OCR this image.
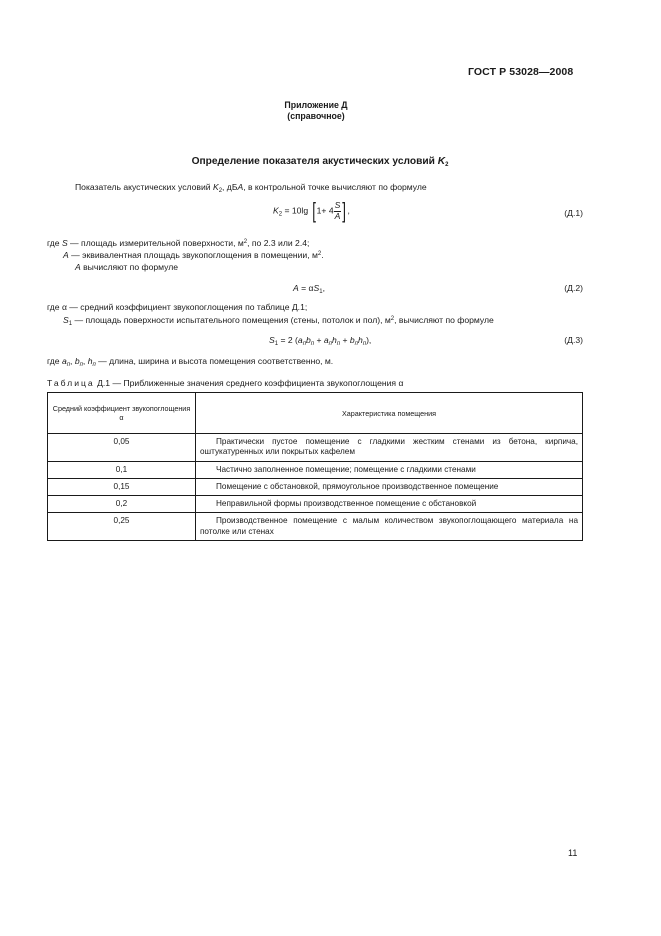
ГОСТ Р 53028—2008
Приложение Д
(справочное)
Определение показателя акустических условий $K_2$
Показатель акустических условий $K_2$, дБА, в контрольной точке вычисляют по формуле
$K_2 = 10\lg$ [$1+ 4 \frac{S}{A}$ ],	(Д.1)
где S — площадь измерительной поверхности, $м^2$, по 2.3 или 2.4;
A — эквивалентная площадь звукопоглощения в помещении, $м^2$.
A вычисляют по формуле
$A = \alpha S_1$,	(Д.2)
где α — средний коэффициент звукопоглощения по таблице Д.1;
$S_1$ — площадь поверхности испытательного помещения (стены, потолок и пол), $м^2$, вычисляют по формуле
$S_1 = 2$ $(a_пb_п + a_пh_п + b_пh_п)$,	(Д.3)
где $a_п$, $b_п$, $h_п$ — длина, ширина и высота помещения соответственно, м.
Таблица Д.1 — Приближенные значения среднего коэффициента звукопоглощения α
Средний коэффициент звукопоглощения α	Характеристика помещения
0,05	Практически пустое помещение с гладкими жестким стенами из бетона, кирпича, оштукатуренных или покрытых кафелем
0,1	Частично заполненное помещение; помещение с гладкими стенами
0,15	Помещение с обстановкой, прямоугольное производственное помещение
0,2	Неправильной формы производственное помещение с обстановкой
0,25	Производственное помещение с малым количеством звукопоглощающего материала на потолке или стенах
11
